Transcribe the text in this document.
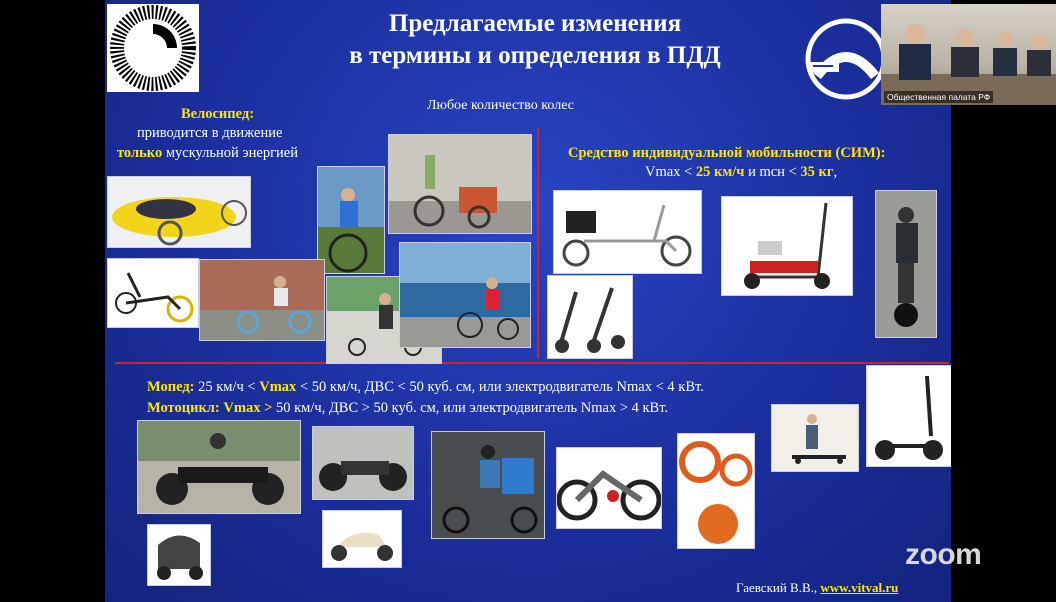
Предлагаемые изменения
в термины и определения в ПДД
Любое количество колес
Велосипед:
приводится в движение
только мускульной энергией	Средство индивидуальной мобильности (СИМ):
Vmax < 25 км/ч и mсн < 35 кг,
Мопед: 25 км/ч < Vmax < 50 км/ч, ДВС < 50 куб. см, или электродвигатель Nmax < 4 кВт.
Мотоцикл: Vmax > 50 км/ч, ДВС > 50 куб. см, или электродвигатель Nmax > 4 кВт.
Гаевский В.В., www.vitval.ru
Общественная палата РФ
zoom
